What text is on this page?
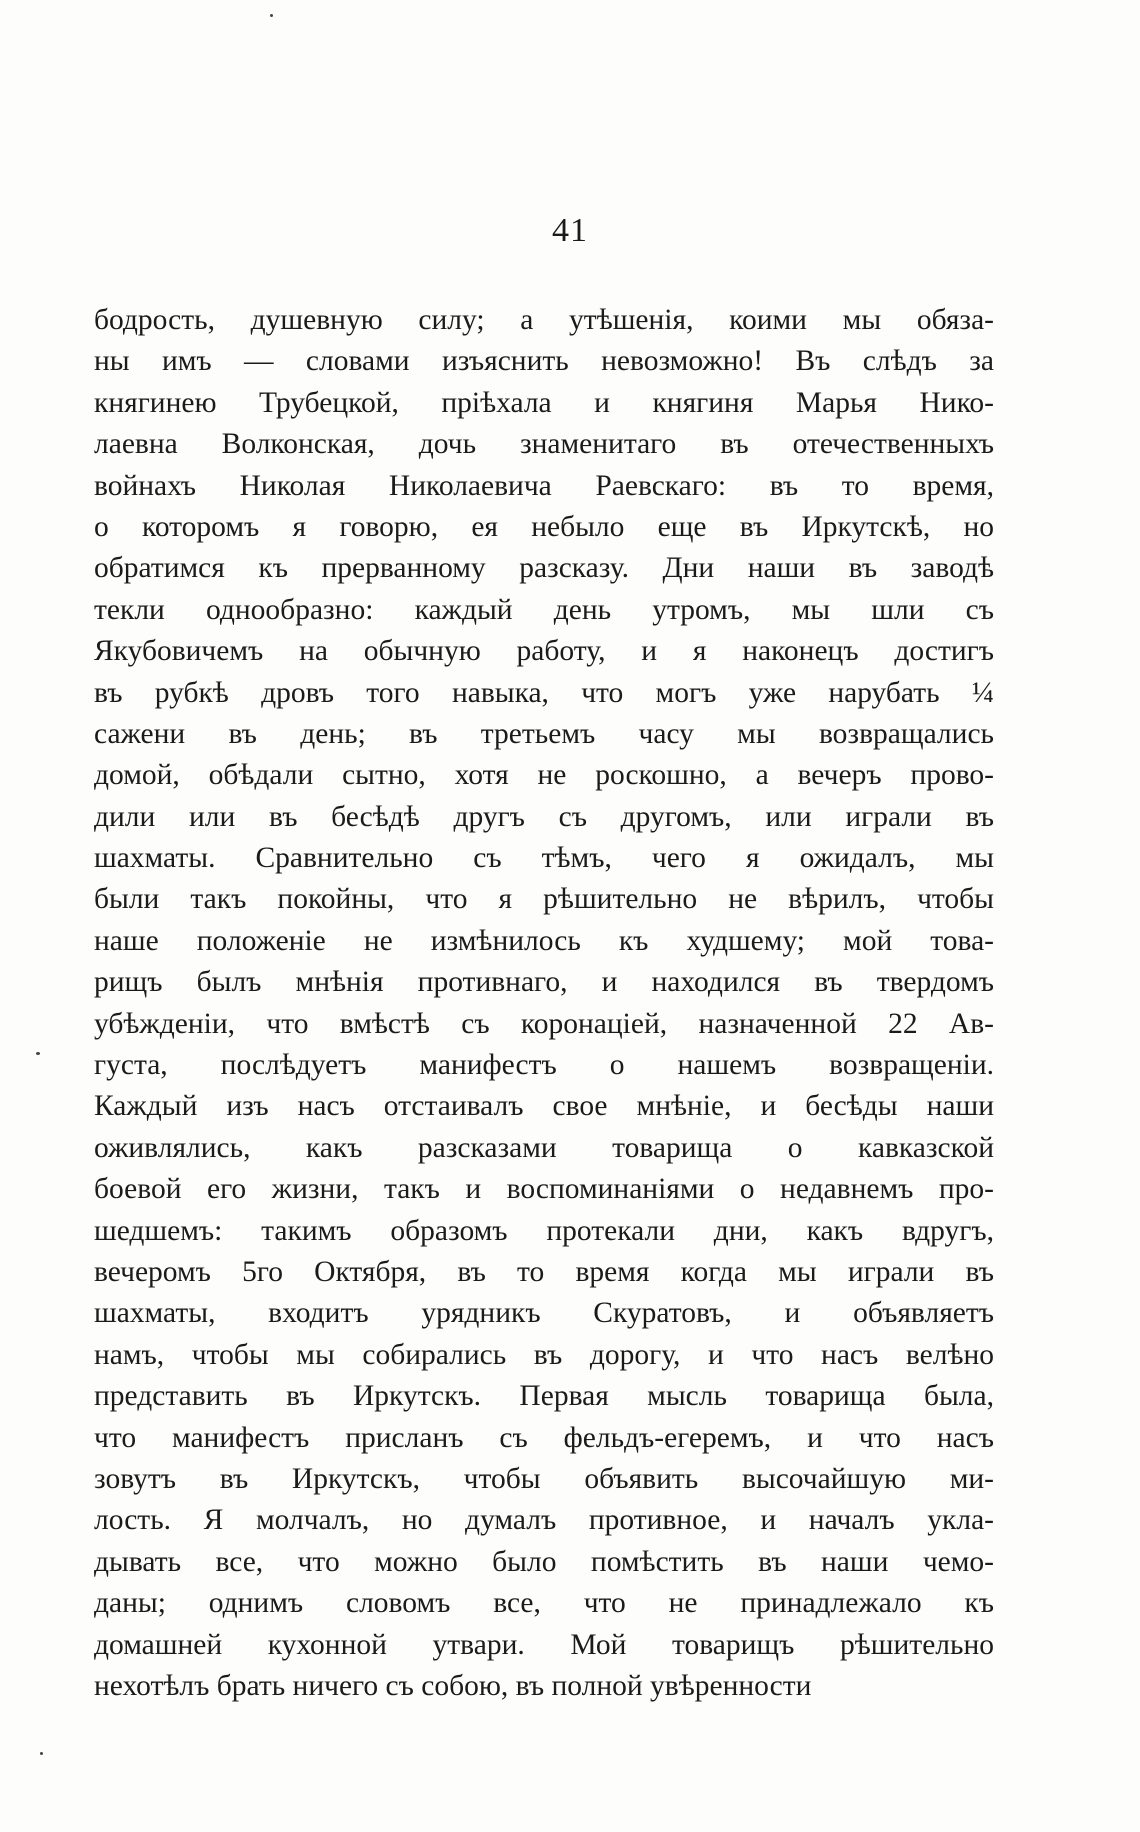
41
бодрость, душевную силу; а утѣшенія, коими мы обяза-
ны имъ — словами изъяснить невозможно! Въ слѣдъ за
княгинею Трубецкой, пріѣхала и княгиня Марья Нико-
лаевна Волконская, дочь знаменитаго въ отечественныхъ
войнахъ Николая Николаевича Раевскаго: въ то время,
о которомъ я говорю, ея небыло еще въ Иркутскѣ, но
обратимся къ прерванному разсказу. Дни наши въ заводѣ
текли однообразно: каждый день утромъ, мы шли съ
Якубовичемъ на обычную работу, и я наконецъ достигъ
въ рубкѣ дровъ того навыка, что могъ уже нарубать ¼
сажени въ день; въ третьемъ часу мы возвращались
домой, обѣдали сытно, хотя не роскошно, а вечеръ прово-
дили или въ бесѣдѣ другъ съ другомъ, или играли въ
шахматы. Сравнительно съ тѣмъ, чего я ожидалъ, мы
были такъ покойны, что я рѣшительно не вѣрилъ, чтобы
наше положеніе не измѣнилось къ худшему; мой това-
рищъ былъ мнѣнія противнаго, и находился въ твердомъ
убѣжденіи, что вмѣстѣ съ коронаціей, назначенной 22 Ав-
густа, послѣдуетъ манифестъ о нашемъ возвращеніи.
Каждый изъ насъ отстаивалъ свое мнѣніе, и бесѣды наши
оживлялись, какъ разсказами товарища о кавказской
боевой его жизни, такъ и воспоминаніями о недавнемъ про-
шедшемъ: такимъ образомъ протекали дни, какъ вдругъ,
вечеромъ 5го Октября, въ то время когда мы играли въ
шахматы, входитъ урядникъ Скуратовъ, и объявляетъ
намъ, чтобы мы собирались въ дорогу, и что насъ велѣно
представить въ Иркутскъ. Первая мысль товарища была,
что манифестъ присланъ съ фельдъ-егеремъ, и что насъ
зовутъ въ Иркутскъ, чтобы объявить высочайшую ми-
лость. Я молчалъ, но думалъ противное, и началъ укла-
дывать все, что можно было помѣстить въ наши чемо-
даны; однимъ словомъ все, что не принадлежало къ
домашней кухонной утвари. Мой товарищъ рѣшительно
нехотѣлъ брать ничего съ собою, въ полной увѣренности
